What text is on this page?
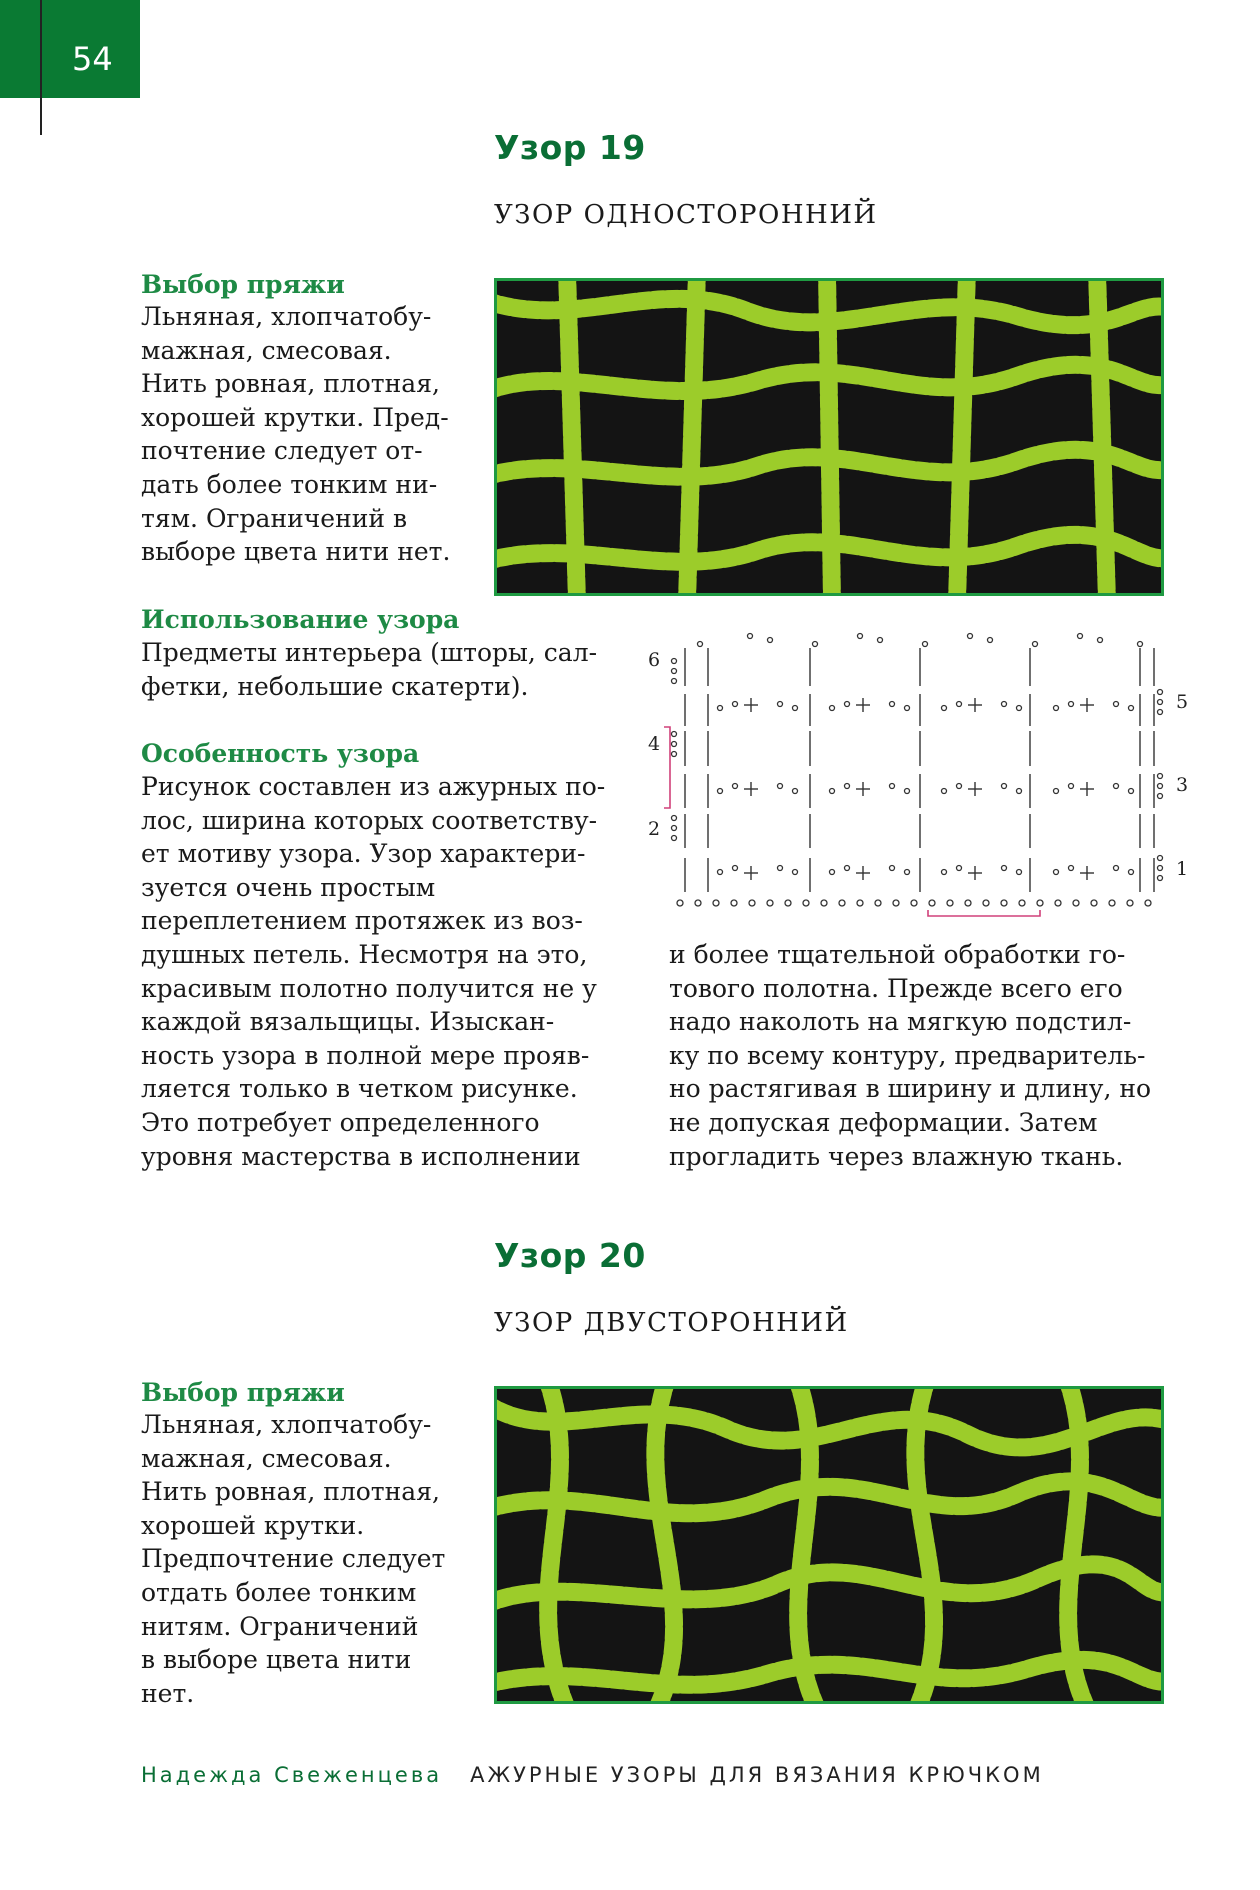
54
Узор 19
УЗОР ОДНОСТОРОННИЙ
Выбор пряжи
Льняная, хлопчатобу-
мажная, смесовая.
Нить ровная, плотная,
хорошей крутки. Пред-
почтение следует от-
дать более тонким ни-
тям. Ограничений в
выборе цвета нити нет.
Использование узора
Предметы интерьера (шторы, сал-
фетки, небольшие скатерти).
Особенность узора
Рисунок составлен из ажурных по-
лос, ширина которых соответству-
ет мотиву узора. Узор характери-
зуется очень простым
переплетением протяжек из воз-
душных петель. Несмотря на это,
красивым полотно получится не у
каждой вязальщицы. Изыскан-
ность узора в полной мере прояв-
ляется только в четком рисунке.
Это потребует определенного
уровня мастерства в исполнении
6
4
2
5
3
1
и более тщательной обработки го-
тового полотна. Прежде всего его
надо наколоть на мягкую подстил-
ку по всему контуру, предваритель-
но растягивая в ширину и длину, но
не допуская деформации. Затем
прогладить через влажную ткань.
Узор 20
УЗОР ДВУСТОРОННИЙ
Выбор пряжи
Льняная, хлопчатобу-
мажная, смесовая.
Нить ровная, плотная,
хорошей крутки.
Предпочтение следует
отдать более тонким
нитям. Ограничений
в выборе цвета нити
нет.
Надежда Свеженцева АЖУРНЫЕ УЗОРЫ ДЛЯ ВЯЗАНИЯ КРЮЧКОМ
